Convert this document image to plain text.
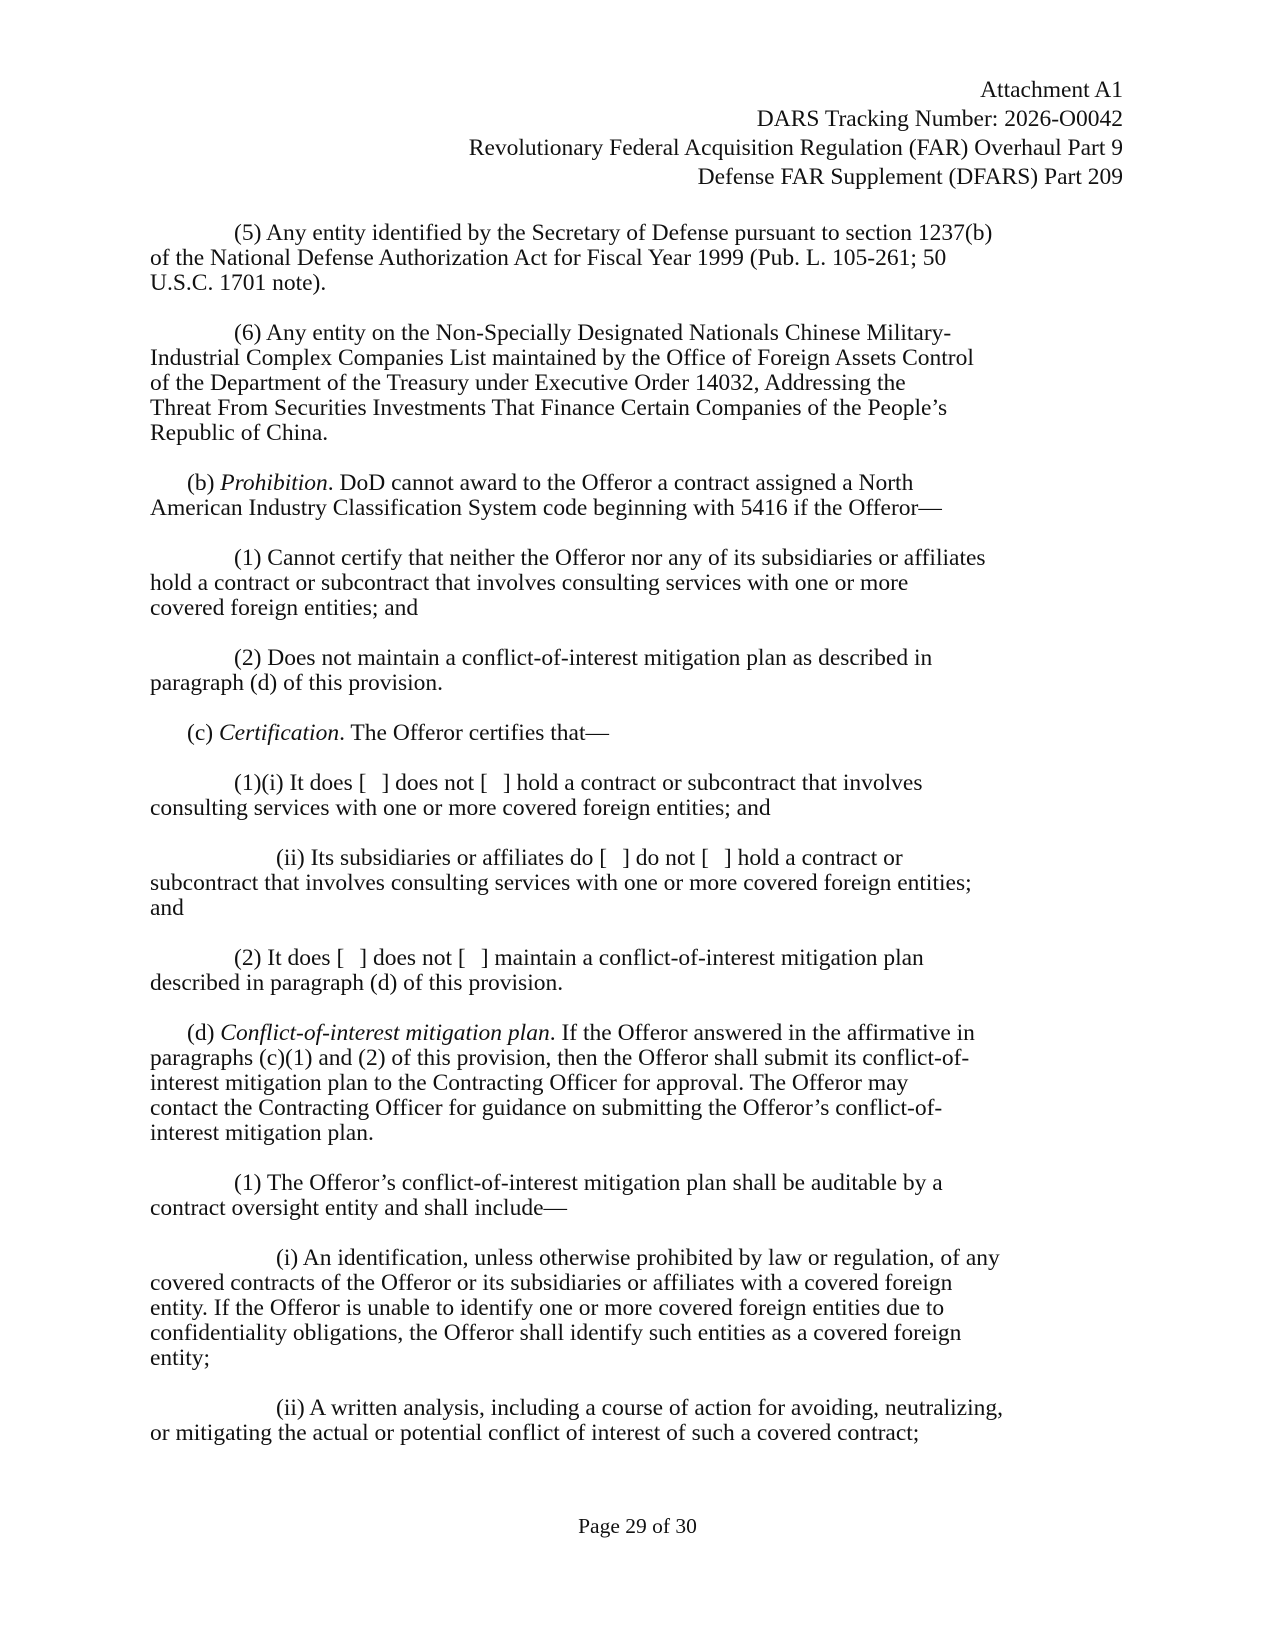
Attachment A1
DARS Tracking Number: 2026-O0042
Revolutionary Federal Acquisition Regulation (FAR) Overhaul Part 9
Defense FAR Supplement (DFARS) Part 209

(5) Any entity identified by the Secretary of Defense pursuant to section 1237(b)
of the National Defense Authorization Act for Fiscal Year 1999 (Pub. L. 105-261; 50
U.S.C. 1701 note).

(6) Any entity on the Non-Specially Designated Nationals Chinese Military-
Industrial Complex Companies List maintained by the Office of Foreign Assets Control
of the Department of the Treasury under Executive Order 14032, Addressing the
Threat From Securities Investments That Finance Certain Companies of the People’s
Republic of China.

(b) Prohibition. DoD cannot award to the Offeror a contract assigned a North
American Industry Classification System code beginning with 5416 if the Offeror—

(1) Cannot certify that neither the Offeror nor any of its subsidiaries or affiliates
hold a contract or subcontract that involves consulting services with one or more
covered foreign entities; and

(2) Does not maintain a conflict-of-interest mitigation plan as described in
paragraph (d) of this provision.

(c) Certification. The Offeror certifies that—

(1)(i) It does [ ] does not [ ] hold a contract or subcontract that involves
consulting services with one or more covered foreign entities; and

(ii) Its subsidiaries or affiliates do [ ] do not [ ] hold a contract or
subcontract that involves consulting services with one or more covered foreign entities;
and

(2) It does [ ] does not [ ] maintain a conflict-of-interest mitigation plan
described in paragraph (d) of this provision.

(d) Conflict-of-interest mitigation plan. If the Offeror answered in the affirmative in
paragraphs (c)(1) and (2) of this provision, then the Offeror shall submit its conflict-of-
interest mitigation plan to the Contracting Officer for approval. The Offeror may
contact the Contracting Officer for guidance on submitting the Offeror’s conflict-of-
interest mitigation plan.

(1) The Offeror’s conflict-of-interest mitigation plan shall be auditable by a
contract oversight entity and shall include—

(i) An identification, unless otherwise prohibited by law or regulation, of any
covered contracts of the Offeror or its subsidiaries or affiliates with a covered foreign
entity. If the Offeror is unable to identify one or more covered foreign entities due to
confidentiality obligations, the Offeror shall identify such entities as a covered foreign
entity;

(ii) A written analysis, including a course of action for avoiding, neutralizing,
or mitigating the actual or potential conflict of interest of such a covered contract;

Page 29 of 30
